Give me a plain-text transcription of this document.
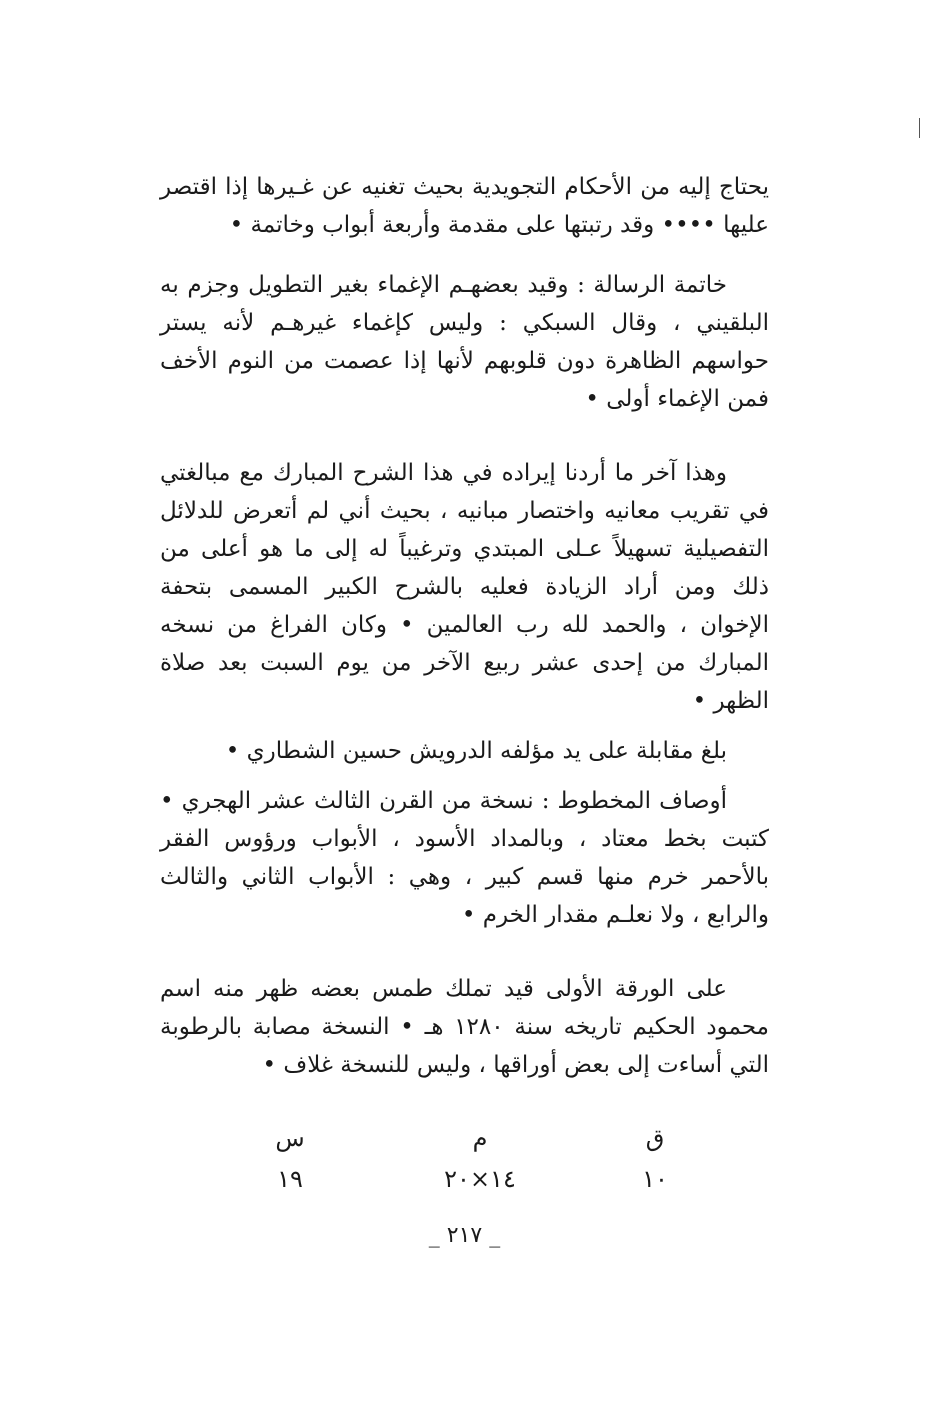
يحتاج إليه من الأحكام التجويدية بحيث تغنيه عن غـيرها إذا اقتصر عليها •••• وقد رتبتها على مقدمة وأربعة أبواب وخاتمة •

خاتمة الرسالة : وقيد بعضهـم الإغماء بغير التطويل وجزم به البلقيني ، وقال السبكي : وليس كإغماء غيرهـم لأنه يستر حواسهم الظاهرة دون قلوبهم لأنها إذا عصمت من النوم الأخف فمن الإغماء أولى •

وهذا آخر ما أردنا إيراده في هذا الشرح المبارك مع مبالغتي في تقريب معانيه واختصار مبانيه ، بحيث أني لم أتعرض للدلائل التفصيلية تسهيلاً عـلى المبتدي وترغيباً له إلى ما هو أعلى من ذلك ومن أراد الزيادة فعليه بالشرح الكبير المسمى بتحفة الإخوان ، والحمد لله رب العالمين • وكان الفراغ من نسخه المبارك من إحدى عشر ربيع الآخر من يوم السبت بعد صلاة الظهر •

بلغ مقابلة على يد مؤلفه الدرويش حسين الشطاري •

أوصاف المخطوط : نسخة من القرن الثالث عشر الهجري • كتبت بخط معتاد ، وبالمداد الأسود ، الأبواب ورؤوس الفقر بالأحمر خرم منها قسم كبير ، وهي : الأبواب الثاني والثالث والرابع ، ولا نعلـم مقدار الخرم •

على الورقة الأولى قيد تملك طمس بعضه ظهر منه اسم محمود الحكيم تاريخه سنة ١٢٨٠ هـ • النسخة مصابة بالرطوبة التي أساءت إلى بعض أوراقها ، وليس للنسخة غلاف •

ق
١٠
م
١٤×٢٠
س
١٩
_ ٢١٧ _
